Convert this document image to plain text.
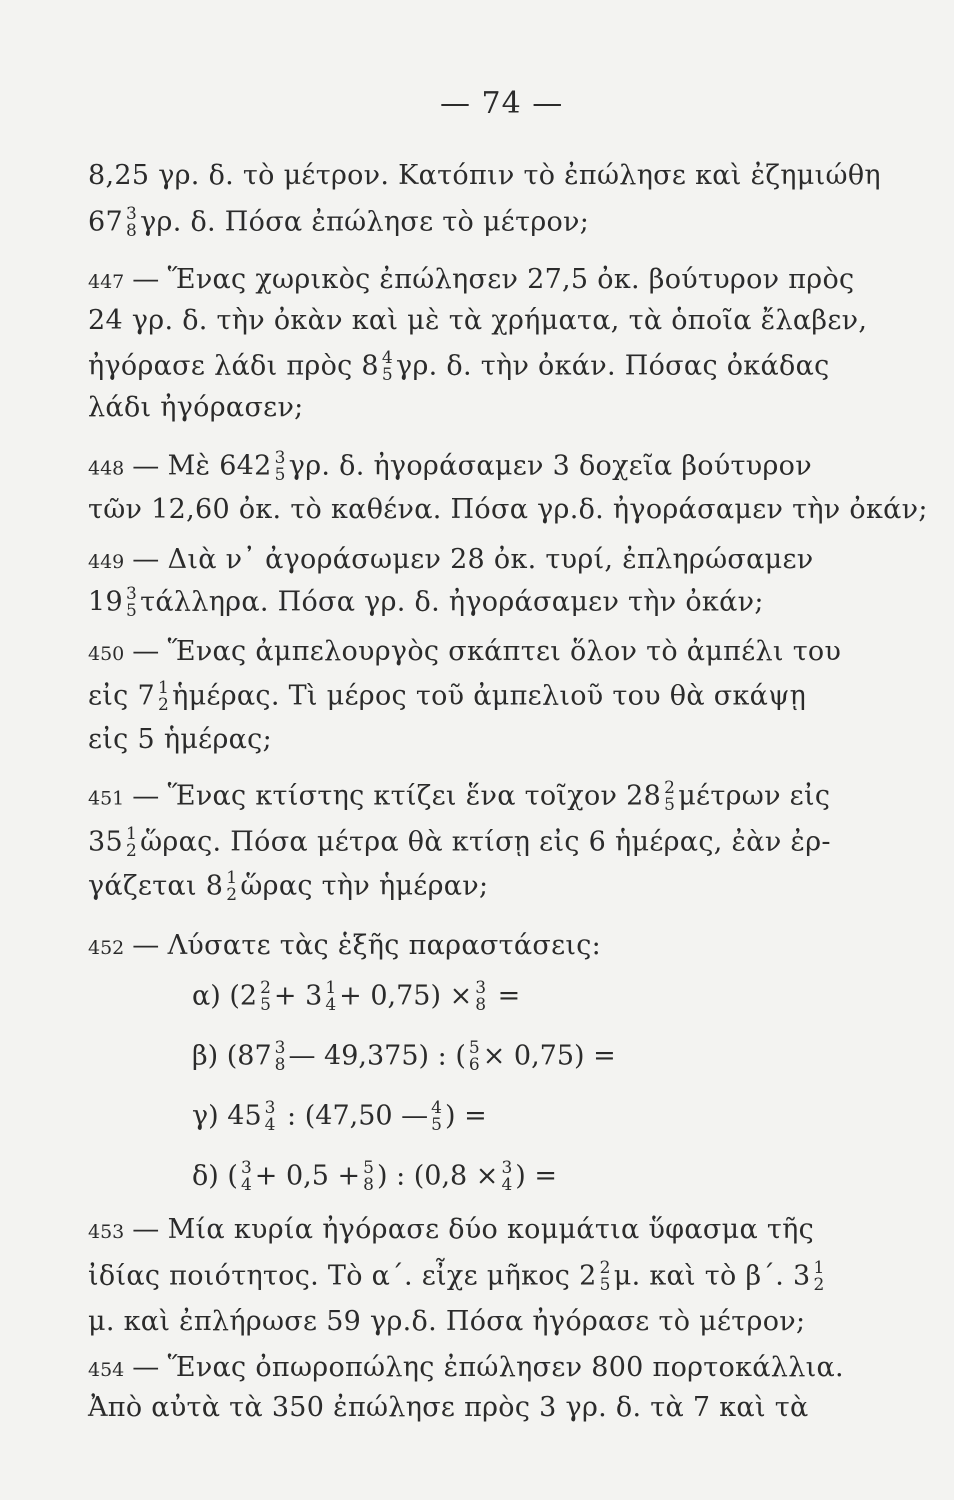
— 74 —
8,25 γρ. δ. τὸ μέτρον. Κατόπιν τὸ ἐπώλησε καὶ ἐζημιώθη
67 3
8 γρ. δ. Πόσα ἐπώλησε τὸ μέτρον;
447 — Ἕνας χωρικὸς ἐπώλησεν 27,5 ὀκ. βούτυρον πρὸς
24 γρ. δ. τὴν ὀκὰν καὶ μὲ τὰ χρήματα, τὰ ὁποῖα ἔλαβεν,
ἠγόρασε λάδι πρὸς 8 4
5 γρ. δ. τὴν ὀκάν. Πόσας ὀκάδας
λάδι ἠγόρασεν;
448 — Μὲ 642 3
5 γρ. δ. ἠγοράσαμεν 3 δοχεῖα βούτυρον
τῶν 12,60 ὀκ. τὸ καθένα. Πόσα γρ.δ. ἠγοράσαμεν τὴν ὀκάν;
449 — Διὰ ν᾿ ἀγοράσωμεν 28 ὀκ. τυρί, ἐπληρώσαμεν
19 3
5 τάλληρα. Πόσα γρ. δ. ἠγοράσαμεν τὴν ὀκάν;
450 — Ἕνας ἀμπελουργὸς σκάπτει ὅλον τὸ ἀμπέλι του
εἰς 7 1
2 ἡμέρας. Τὶ μέρος τοῦ ἀμπελιοῦ του θὰ σκάψῃ
εἰς 5 ἡμέρας;
451 — Ἕνας κτίστης κτίζει ἕνα τοῖχον 28 2
5 μέτρων εἰς
35 1
2 ὥρας. Πόσα μέτρα θὰ κτίσῃ εἰς 6 ἡμέρας, ἐὰν ἐρ-
γάζεται 8 1
2 ὥρας τὴν ἡμέραν;
452 — Λύσατε τὰς ἑξῆς παραστάσεις:
α) (2 2
5 + 3 1
4 + 0,75) × 3
8 =
β) (87 3
8 — 49,375) : ( 5
6 × 0,75) =
γ) 45 3
4 : (47,50 — 4
5 ) =
δ) ( 3
4 + 0,5 + 5
8 ) : (0,8 × 3
4 ) =
453 — Μία κυρία ἠγόρασε δύο κομμάτια ὕφασμα τῆς
ἰδίας ποιότητος. Τὸ α΄. εἶχε μῆκος 2 2
5 μ. καὶ τὸ β΄. 3 1
2
μ. καὶ ἐπλήρωσε 59 γρ.δ. Πόσα ἠγόρασε τὸ μέτρον;
454 — Ἕνας ὀπωροπώλης ἐπώλησεν 800 πορτοκάλλια.
Ἀπὸ αὐτὰ τὰ 350 ἐπώλησε πρὸς 3 γρ. δ. τὰ 7 καὶ τὰ
